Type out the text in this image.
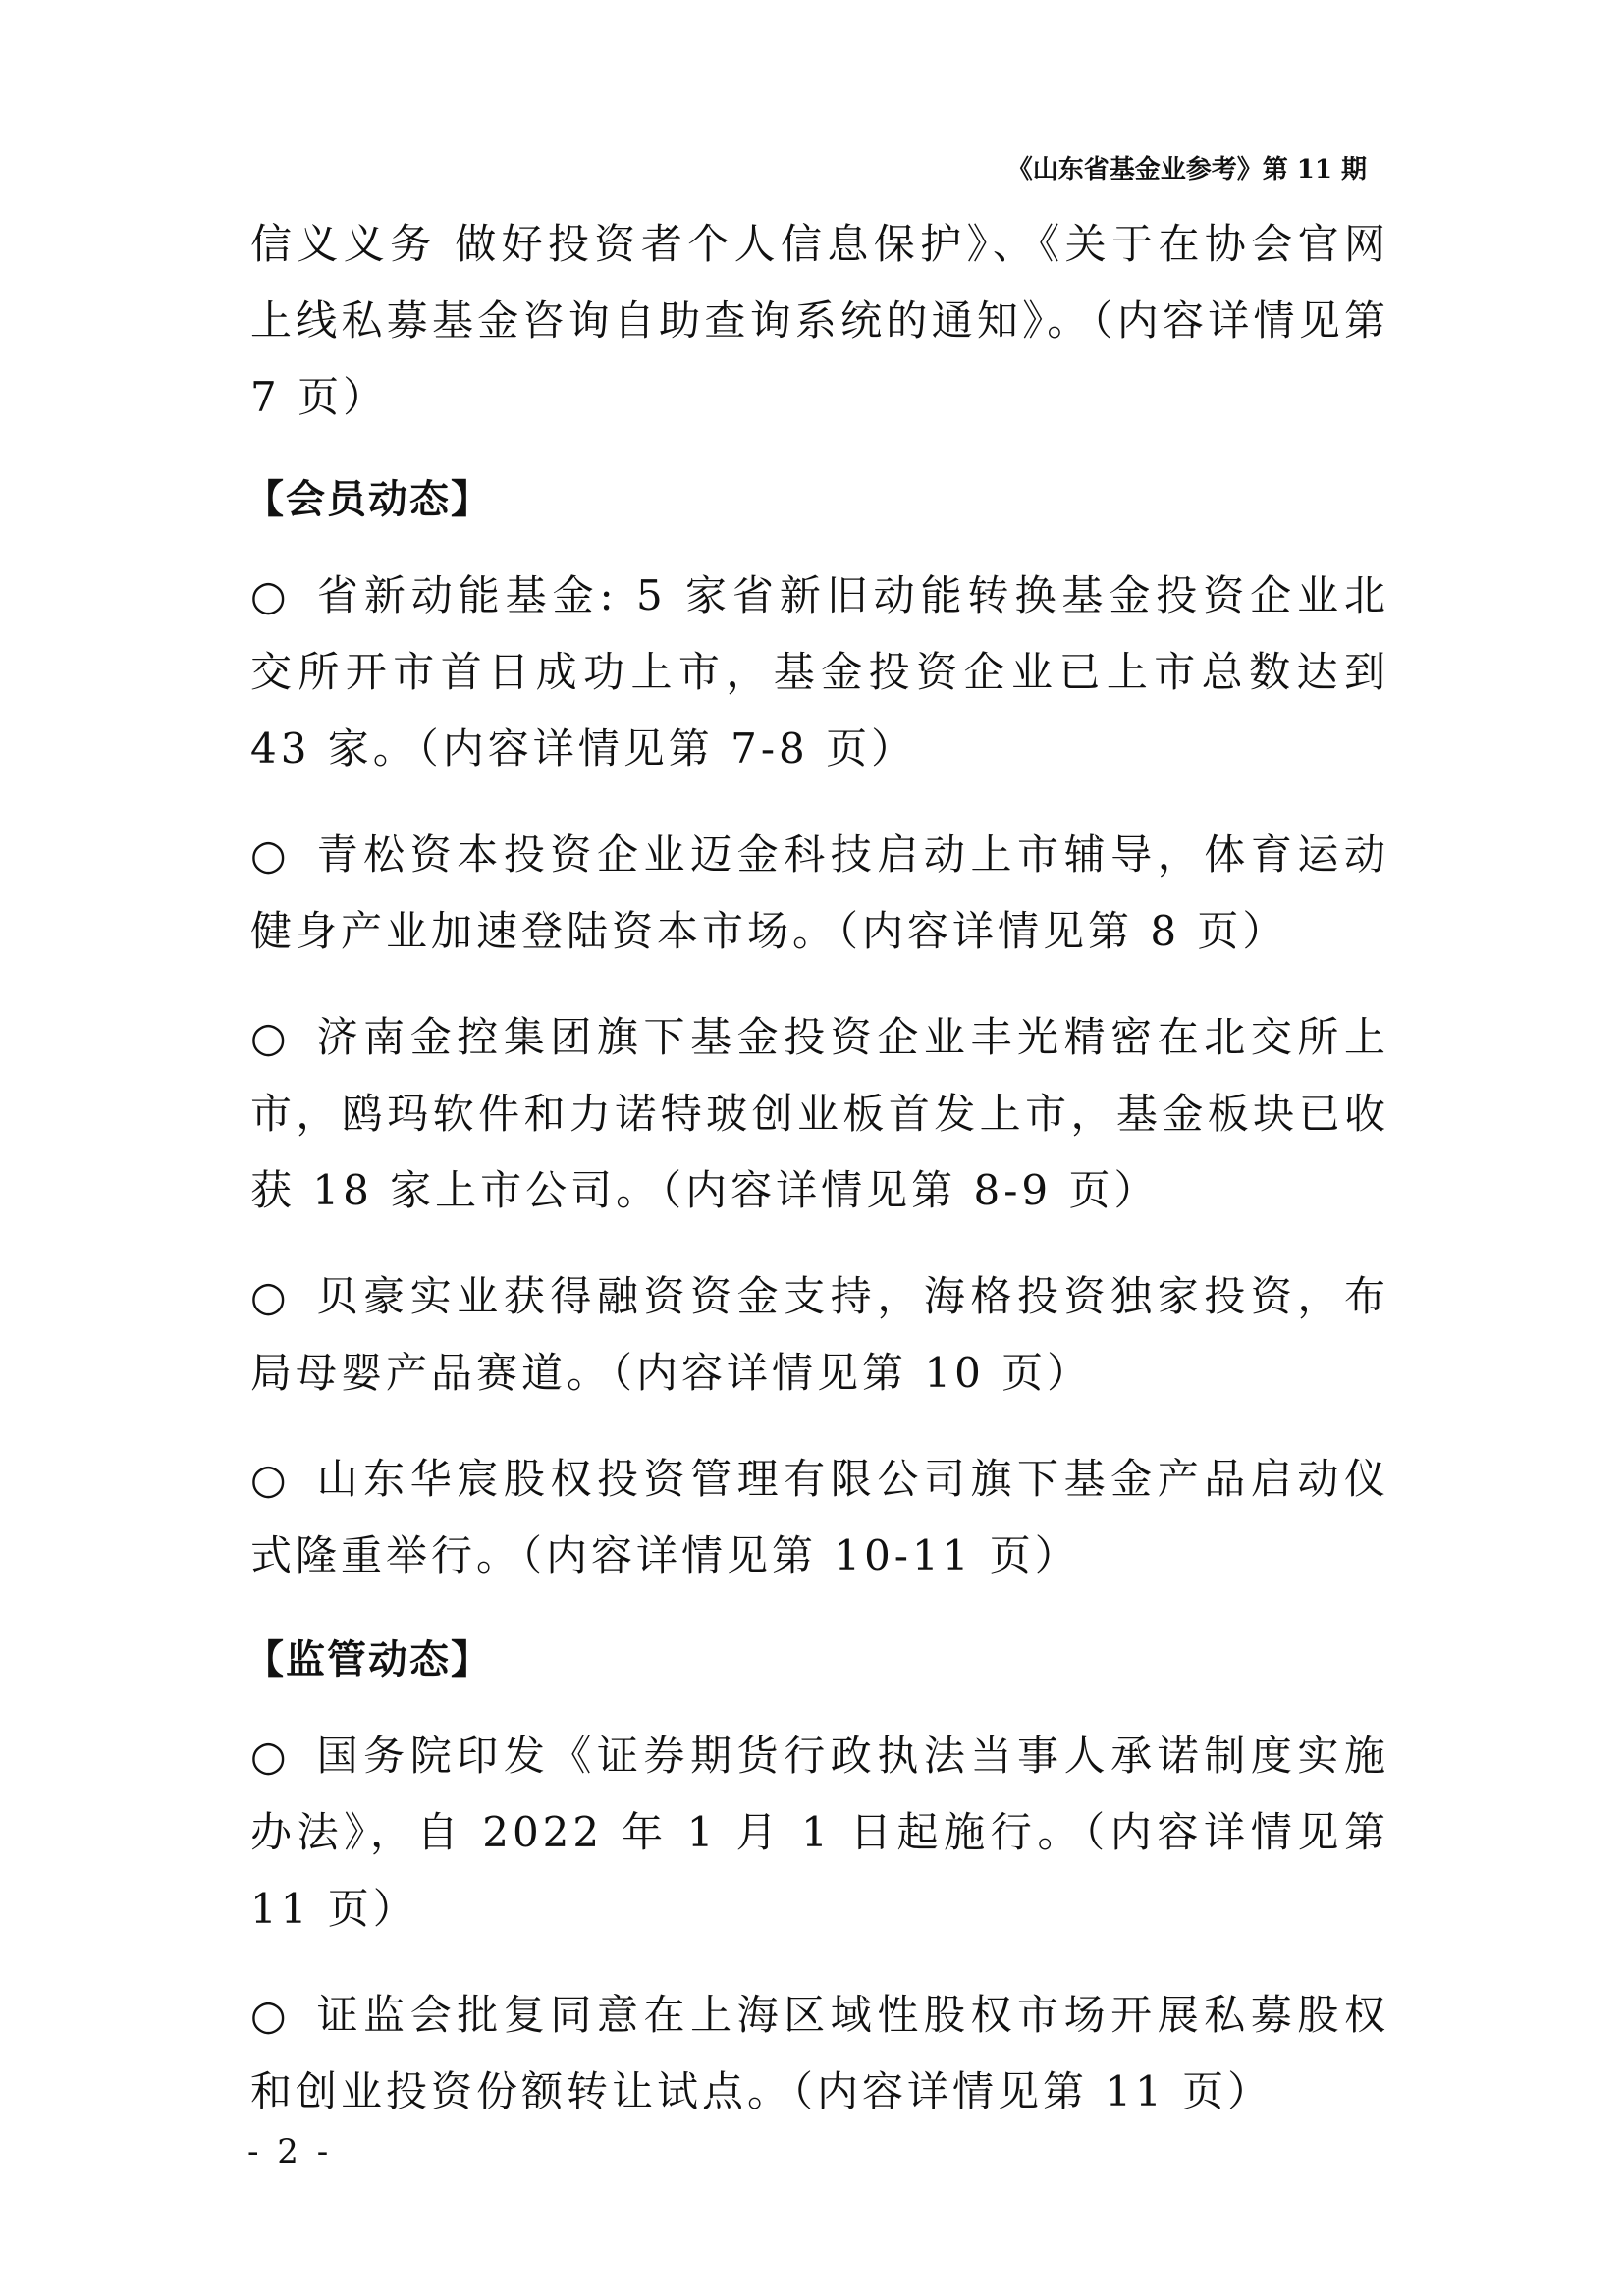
《山东省基金业参考》第 11 期

信义义务 做好投资者个人信息保护》、《关于在协会官网上线私募基金咨询自助查询系统的通知》。（内容详情见第 7 页）

【会员动态】

○ 省新动能基金: 5 家省新旧动能转换基金投资企业北交所开市首日成功上市，基金投资企业已上市总数达到 43 家。（内容详情见第 7-8 页）

○ 青松资本投资企业迈金科技启动上市辅导，体育运动健身产业加速登陆资本市场。（内容详情见第 8 页）

○ 济南金控集团旗下基金投资企业丰光精密在北交所上市，鸥玛软件和力诺特玻创业板首发上市，基金板块已收获 18 家上市公司。（内容详情见第 8-9 页）

○ 贝豪实业获得融资资金支持，海格投资独家投资，布局母婴产品赛道。（内容详情见第 10 页）

○ 山东华宸股权投资管理有限公司旗下基金产品启动仪式隆重举行。（内容详情见第 10-11 页）

【监管动态】

○ 国务院印发《证券期货行政执法当事人承诺制度实施办法》，自 2022 年 1 月 1 日起施行。（内容详情见第 11 页）

○ 证监会批复同意在上海区域性股权市场开展私募股权和创业投资份额转让试点。（内容详情见第 11 页）

- 2 -
